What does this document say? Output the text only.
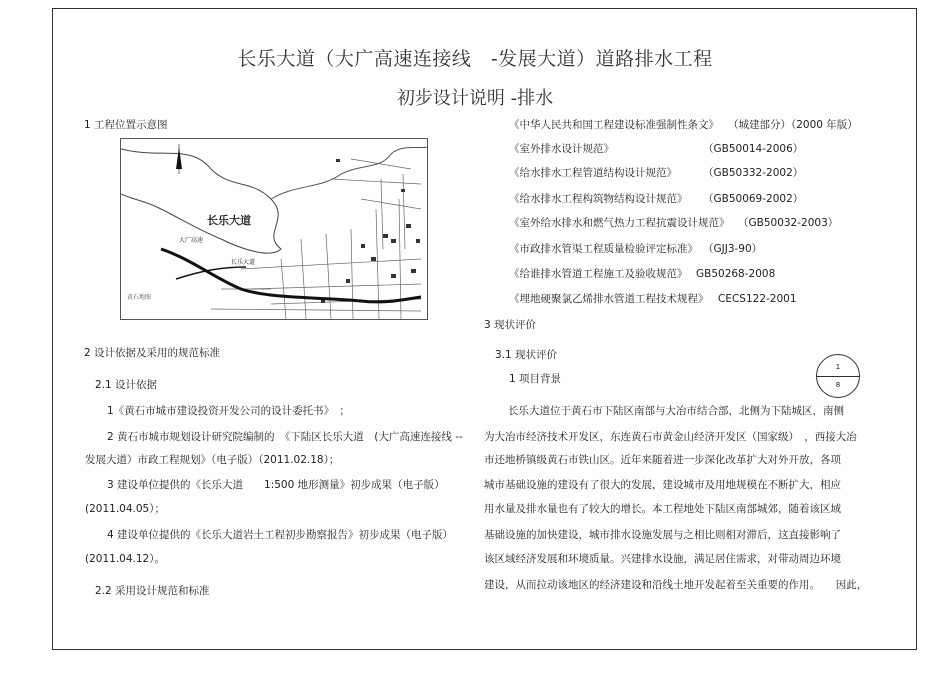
长乐大道（大广高速连接线　-发展大道）道路排水工程
初步设计说明 -排水
1 工程位置示意图
长乐大道
大广高速
长乐大道
黄石地图
2 设计依据及采用的规范标准
2.1 设计依据
1《黄石市城市建设投资开发公司的设计委托书》　；
2 黄石市城市规划设计研究院编制的　《下陆区长乐大道　(大广高速连接线 --
发展大道）市政工程规划》（电子版）（2011.02.18）；
3 建设单位提供的《长乐大道　　1:500 地形测量》初步成果（电子版）
(2011.04.05）；
4 建设单位提供的《长乐大道岩土工程初步勘察报告》初步成果（电子版）
(2011.04.12）。
2.2 采用设计规范和标准
《中华人民共和国工程建设标准强制性条文》 （城建部分）（2000 年版）
《室外排水设计规范》	（GB50014-2006）
《给水排水工程管道结构设计规范》 （GB50332-2002）
《给水排水工程构筑物结构设计规范》 （GB50069-2002）
《室外给水排水和燃气热力工程抗震设计规范》 （GB50032-2003）
《市政排水管渠工程质量检验评定标准》 （GJJ3-90）
《给谁排水管道工程施工及验收规范》 GB50268-2008
《埋地硬聚氯乙烯排水管道工程技术规程》 CECS122-2001
3 现状评价
3.1 现状评价
1 项目背景
1
8
长乐大道位于黄石市下陆区南部与大冶市结合部，北侧为下陆城区，南侧
为大冶市经济技术开发区，东连黄石市黄金山经济开发区（国家级）　，西接大冶
市还地桥镇级黄石市铁山区。近年来随着进一步深化改革扩大对外开放，各项
城市基础设施的建设有了很大的发展，建设城市及用地规模在不断扩大，相应
用水量及排水量也有了较大的增长。本工程地处下陆区南部城郊，随着该区域
基础设施的加快建设，城市排水设施发展与之相比则相对滞后，这直接影响了
该区域经济发展和环境质量。兴建排水设施，满足居住需求，对带动周边环境
建设，从而拉动该地区的经济建设和沿线土地开发起着至关重要的作用。　　因此，
